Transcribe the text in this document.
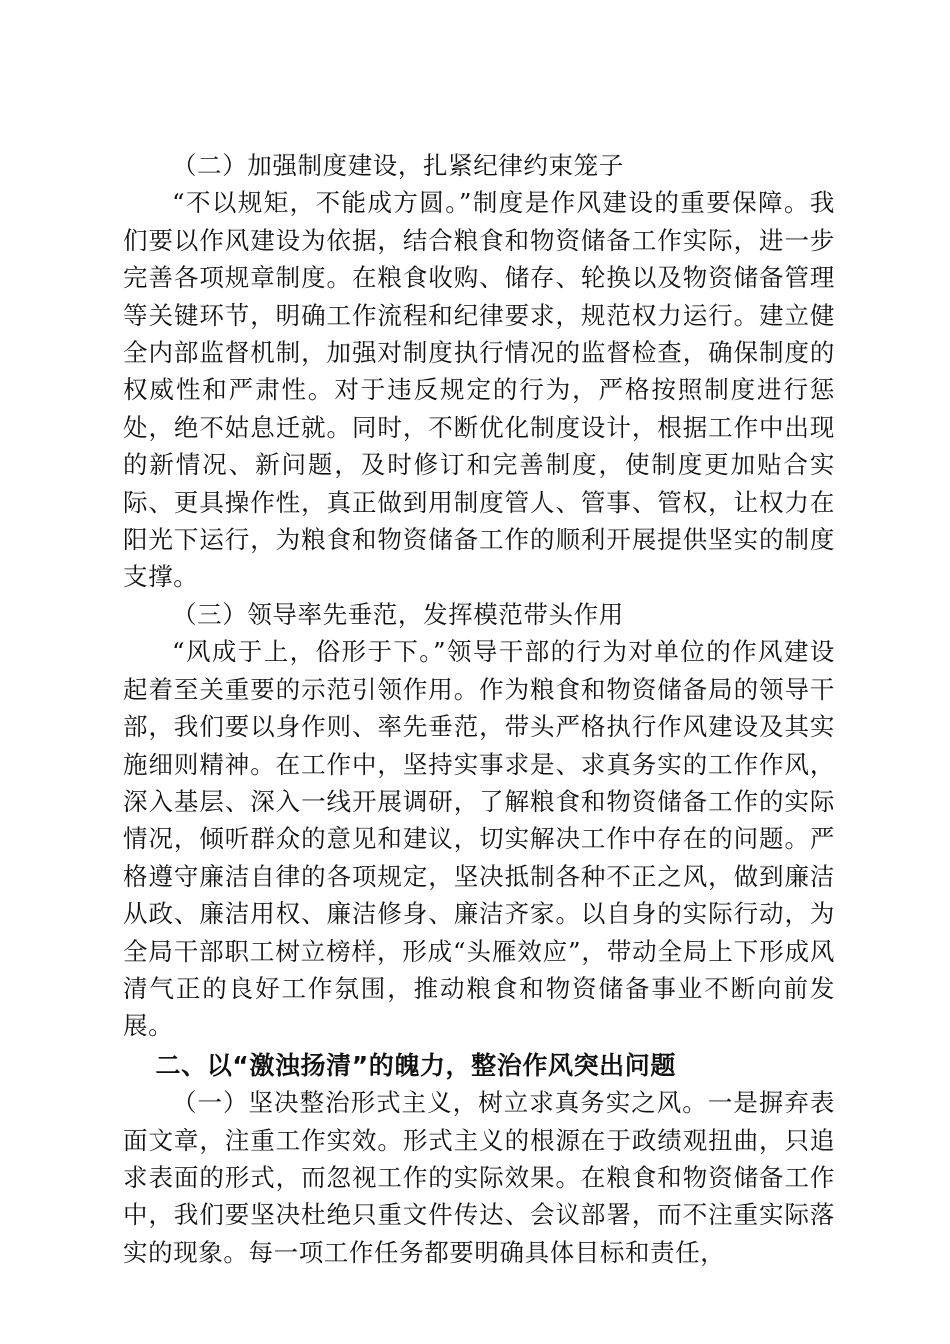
（二）加强制度建设，扎紧纪律约束笼子

“不以规矩，不能成方圆。”制度是作风建设的重要保障。我们要以作风建设为依据，结合粮食和物资储备工作实际，进一步完善各项规章制度。在粮食收购、储存、轮换以及物资储备管理等关键环节，明确工作流程和纪律要求，规范权力运行。建立健全内部监督机制，加强对制度执行情况的监督检查，确保制度的权威性和严肃性。对于违反规定的行为，严格按照制度进行惩处，绝不姑息迁就。同时，不断优化制度设计，根据工作中出现的新情况、新问题，及时修订和完善制度，使制度更加贴合实际、更具操作性，真正做到用制度管人、管事、管权，让权力在阳光下运行，为粮食和物资储备工作的顺利开展提供坚实的制度支撑。

（三）领导率先垂范，发挥模范带头作用

“风成于上，俗形于下。”领导干部的行为对单位的作风建设起着至关重要的示范引领作用。作为粮食和物资储备局的领导干部，我们要以身作则、率先垂范，带头严格执行作风建设及其实施细则精神。在工作中，坚持实事求是、求真务实的工作作风，深入基层、深入一线开展调研，了解粮食和物资储备工作的实际情况，倾听群众的意见和建议，切实解决工作中存在的问题。严格遵守廉洁自律的各项规定，坚决抵制各种不正之风，做到廉洁从政、廉洁用权、廉洁修身、廉洁齐家。以自身的实际行动，为全局干部职工树立榜样，形成“头雁效应”，带动全局上下形成风清气正的良好工作氛围，推动粮食和物资储备事业不断向前发展。

二、以“激浊扬清”的魄力，整治作风突出问题

（一）坚决整治形式主义，树立求真务实之风。一是摒弃表面文章，注重工作实效。形式主义的根源在于政绩观扭曲，只追求表面的形式，而忽视工作的实际效果。在粮食和物资储备工作中，我们要坚决杜绝只重文件传达、会议部署，而不注重实际落实的现象。每一项工作任务都要明确具体目标和责任，
